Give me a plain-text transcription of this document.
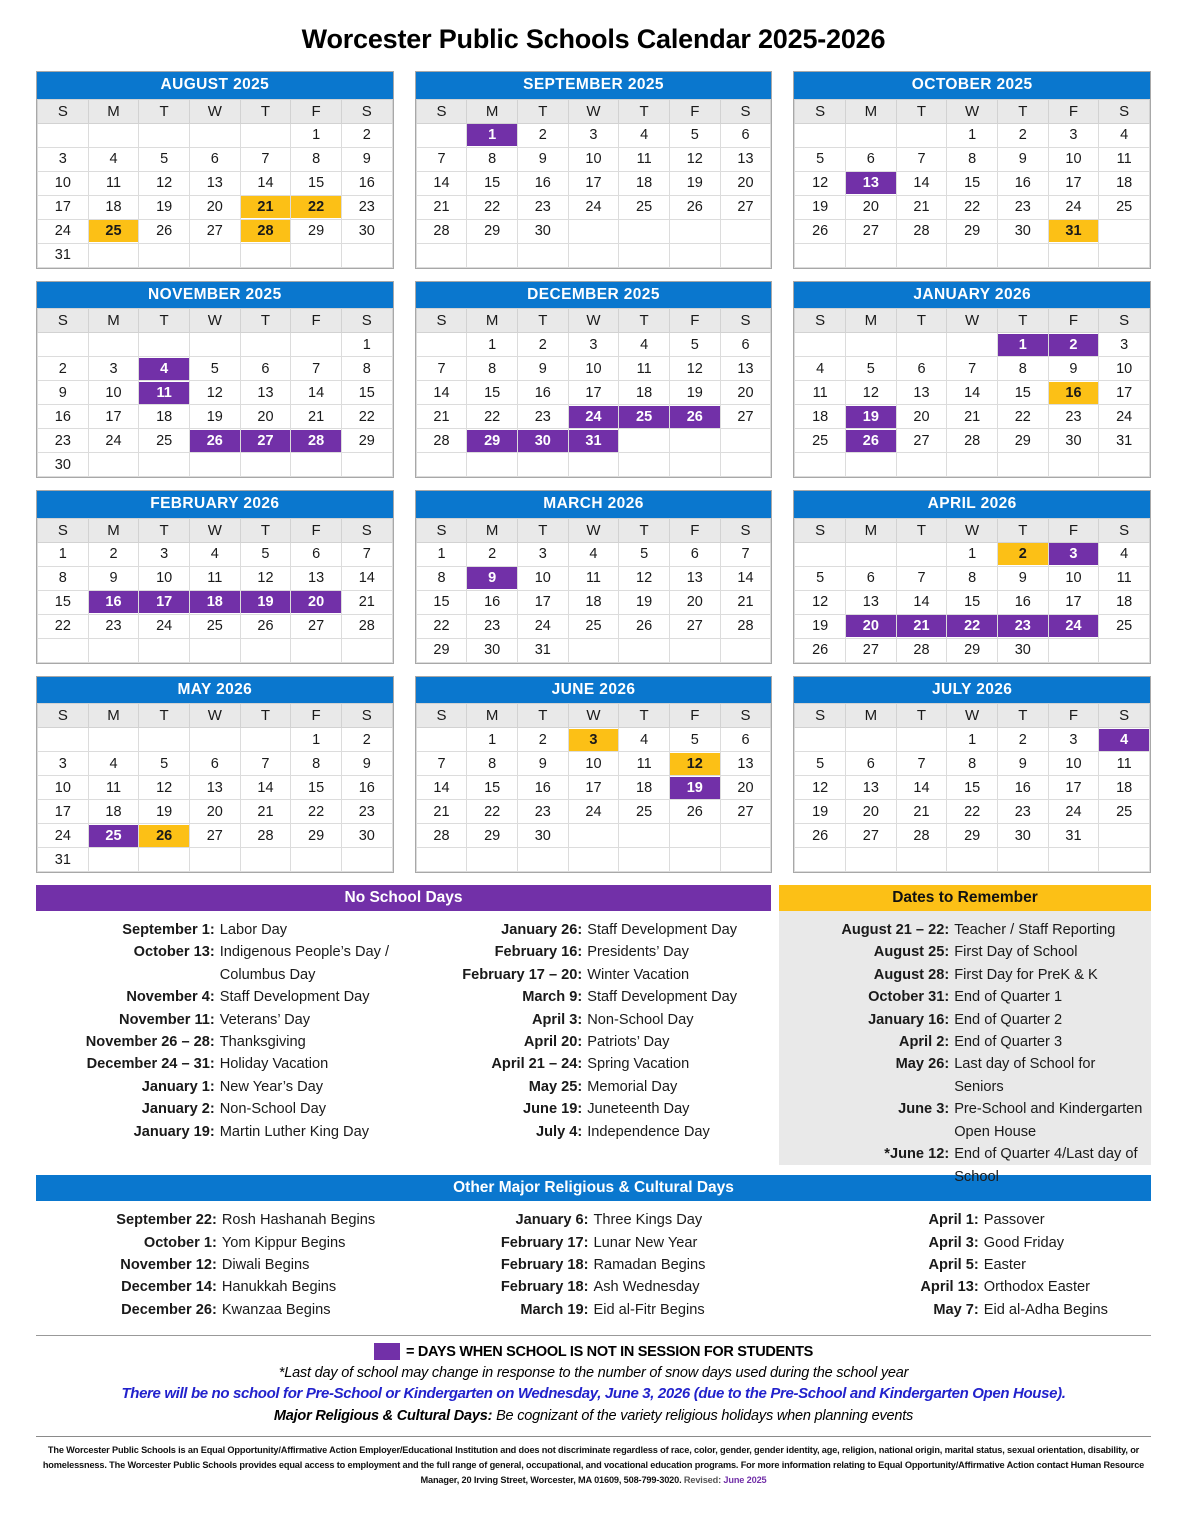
Worcester Public Schools Calendar 2025-2026
AUGUST 2025
S	M	T	W	T	F	S

					1	2

3	4	5	6	7	8	9

10	11	12	13	14	15	16

17	18	19	20	21	22	23

24	25	26	27	28	29	30

31						

SEPTEMBER 2025
S	M	T	W	T	F	S

	1	2	3	4	5	6

7	8	9	10	11	12	13

14	15	16	17	18	19	20

21	22	23	24	25	26	27

28	29	30				

OCTOBER 2025
S	M	T	W	T	F	S

			1	2	3	4

5	6	7	8	9	10	11

12	13	14	15	16	17	18

19	20	21	22	23	24	25

26	27	28	29	30	31	

NOVEMBER 2025
S	M	T	W	T	F	S

						1

2	3	4	5	6	7	8

9	10	11	12	13	14	15

16	17	18	19	20	21	22

23	24	25	26	27	28	29

30						

DECEMBER 2025
S	M	T	W	T	F	S

	1	2	3	4	5	6

7	8	9	10	11	12	13

14	15	16	17	18	19	20

21	22	23	24	25	26	27

28	29	30	31			

JANUARY 2026
S	M	T	W	T	F	S

				1	2	3

4	5	6	7	8	9	10

11	12	13	14	15	16	17

18	19	20	21	22	23	24

25	26	27	28	29	30	31

FEBRUARY 2026
S	M	T	W	T	F	S

1	2	3	4	5	6	7

8	9	10	11	12	13	14

15	16	17	18	19	20	21

22	23	24	25	26	27	28

MARCH 2026
S	M	T	W	T	F	S

1	2	3	4	5	6	7

8	9	10	11	12	13	14

15	16	17	18	19	20	21

22	23	24	25	26	27	28

29	30	31				

APRIL 2026
S	M	T	W	T	F	S

			1	2	3	4

5	6	7	8	9	10	11

12	13	14	15	16	17	18

19	20	21	22	23	24	25

26	27	28	29	30		

MAY 2026
S	M	T	W	T	F	S

					1	2

3	4	5	6	7	8	9

10	11	12	13	14	15	16

17	18	19	20	21	22	23

24	25	26	27	28	29	30

31						

JUNE 2026
S	M	T	W	T	F	S

	1	2	3	4	5	6

7	8	9	10	11	12	13

14	15	16	17	18	19	20

21	22	23	24	25	26	27

28	29	30				

JULY 2026
S	M	T	W	T	F	S

			1	2	3	4

5	6	7	8	9	10	11

12	13	14	15	16	17	18

19	20	21	22	23	24	25

26	27	28	29	30	31	

No School Days
September 1: Labor Day
October 13: Indigenous People’s Day /
Columbus Day
November 4: Staff Development Day
November 11: Veterans’ Day
November 26 – 28: Thanksgiving
December 24 – 31: Holiday Vacation
January 1: New Year’s Day
January 2: Non-School Day
January 19: Martin Luther King Day
January 26: Staff Development Day
February 16: Presidents’ Day
February 17 – 20: Winter Vacation
March 9: Staff Development Day
April 3: Non-School Day
April 20: Patriots’ Day
April 21 – 24: Spring Vacation
May 25: Memorial Day
June 19: Juneteenth Day
July 4: Independence Day
Dates to Remember
August 21 – 22: Teacher / Staff Reporting
August 25: First Day of School
August 28: First Day for PreK & K
October 31: End of Quarter 1
January 16: End of Quarter 2
April 2: End of Quarter 3
May 26: Last day of School for Seniors
June 3: Pre-School and Kindergarten
Open House
*June 12: End of Quarter 4/Last day of
School
Other Major Religious & Cultural Days
September 22: Rosh Hashanah Begins
October 1: Yom Kippur Begins
November 12: Diwali Begins
December 14: Hanukkah Begins
December 26: Kwanzaa Begins
January 6: Three Kings Day
February 17: Lunar New Year
February 18: Ramadan Begins
February 18: Ash Wednesday
March 19: Eid al-Fitr Begins
April 1: Passover
April 3: Good Friday
April 5: Easter
April 13: Orthodox Easter
May 7: Eid al-Adha Begins
= DAYS WHEN SCHOOL IS NOT IN SESSION FOR STUDENTS
*Last day of school may change in response to the number of snow days used during the school year
There will be no school for Pre-School or Kindergarten on Wednesday, June 3, 2026 (due to the Pre-School and Kindergarten Open House).
Major Religious & Cultural Days: Be cognizant of the variety religious holidays when planning events
The Worcester Public Schools is an Equal Opportunity/Affirmative Action Employer/Educational Institution and does not discriminate regardless of race, color, gender, gender identity, age, religion, national origin, marital status, sexual orientation, disability, or homelessness. The Worcester Public Schools provides equal access to employment and the full range of general, occupational, and vocational education programs. For more information relating to Equal Opportunity/Affirmative Action contact Human Resource Manager, 20 Irving Street, Worcester, MA 01609, 508-799-3020. Revised: June 2025
